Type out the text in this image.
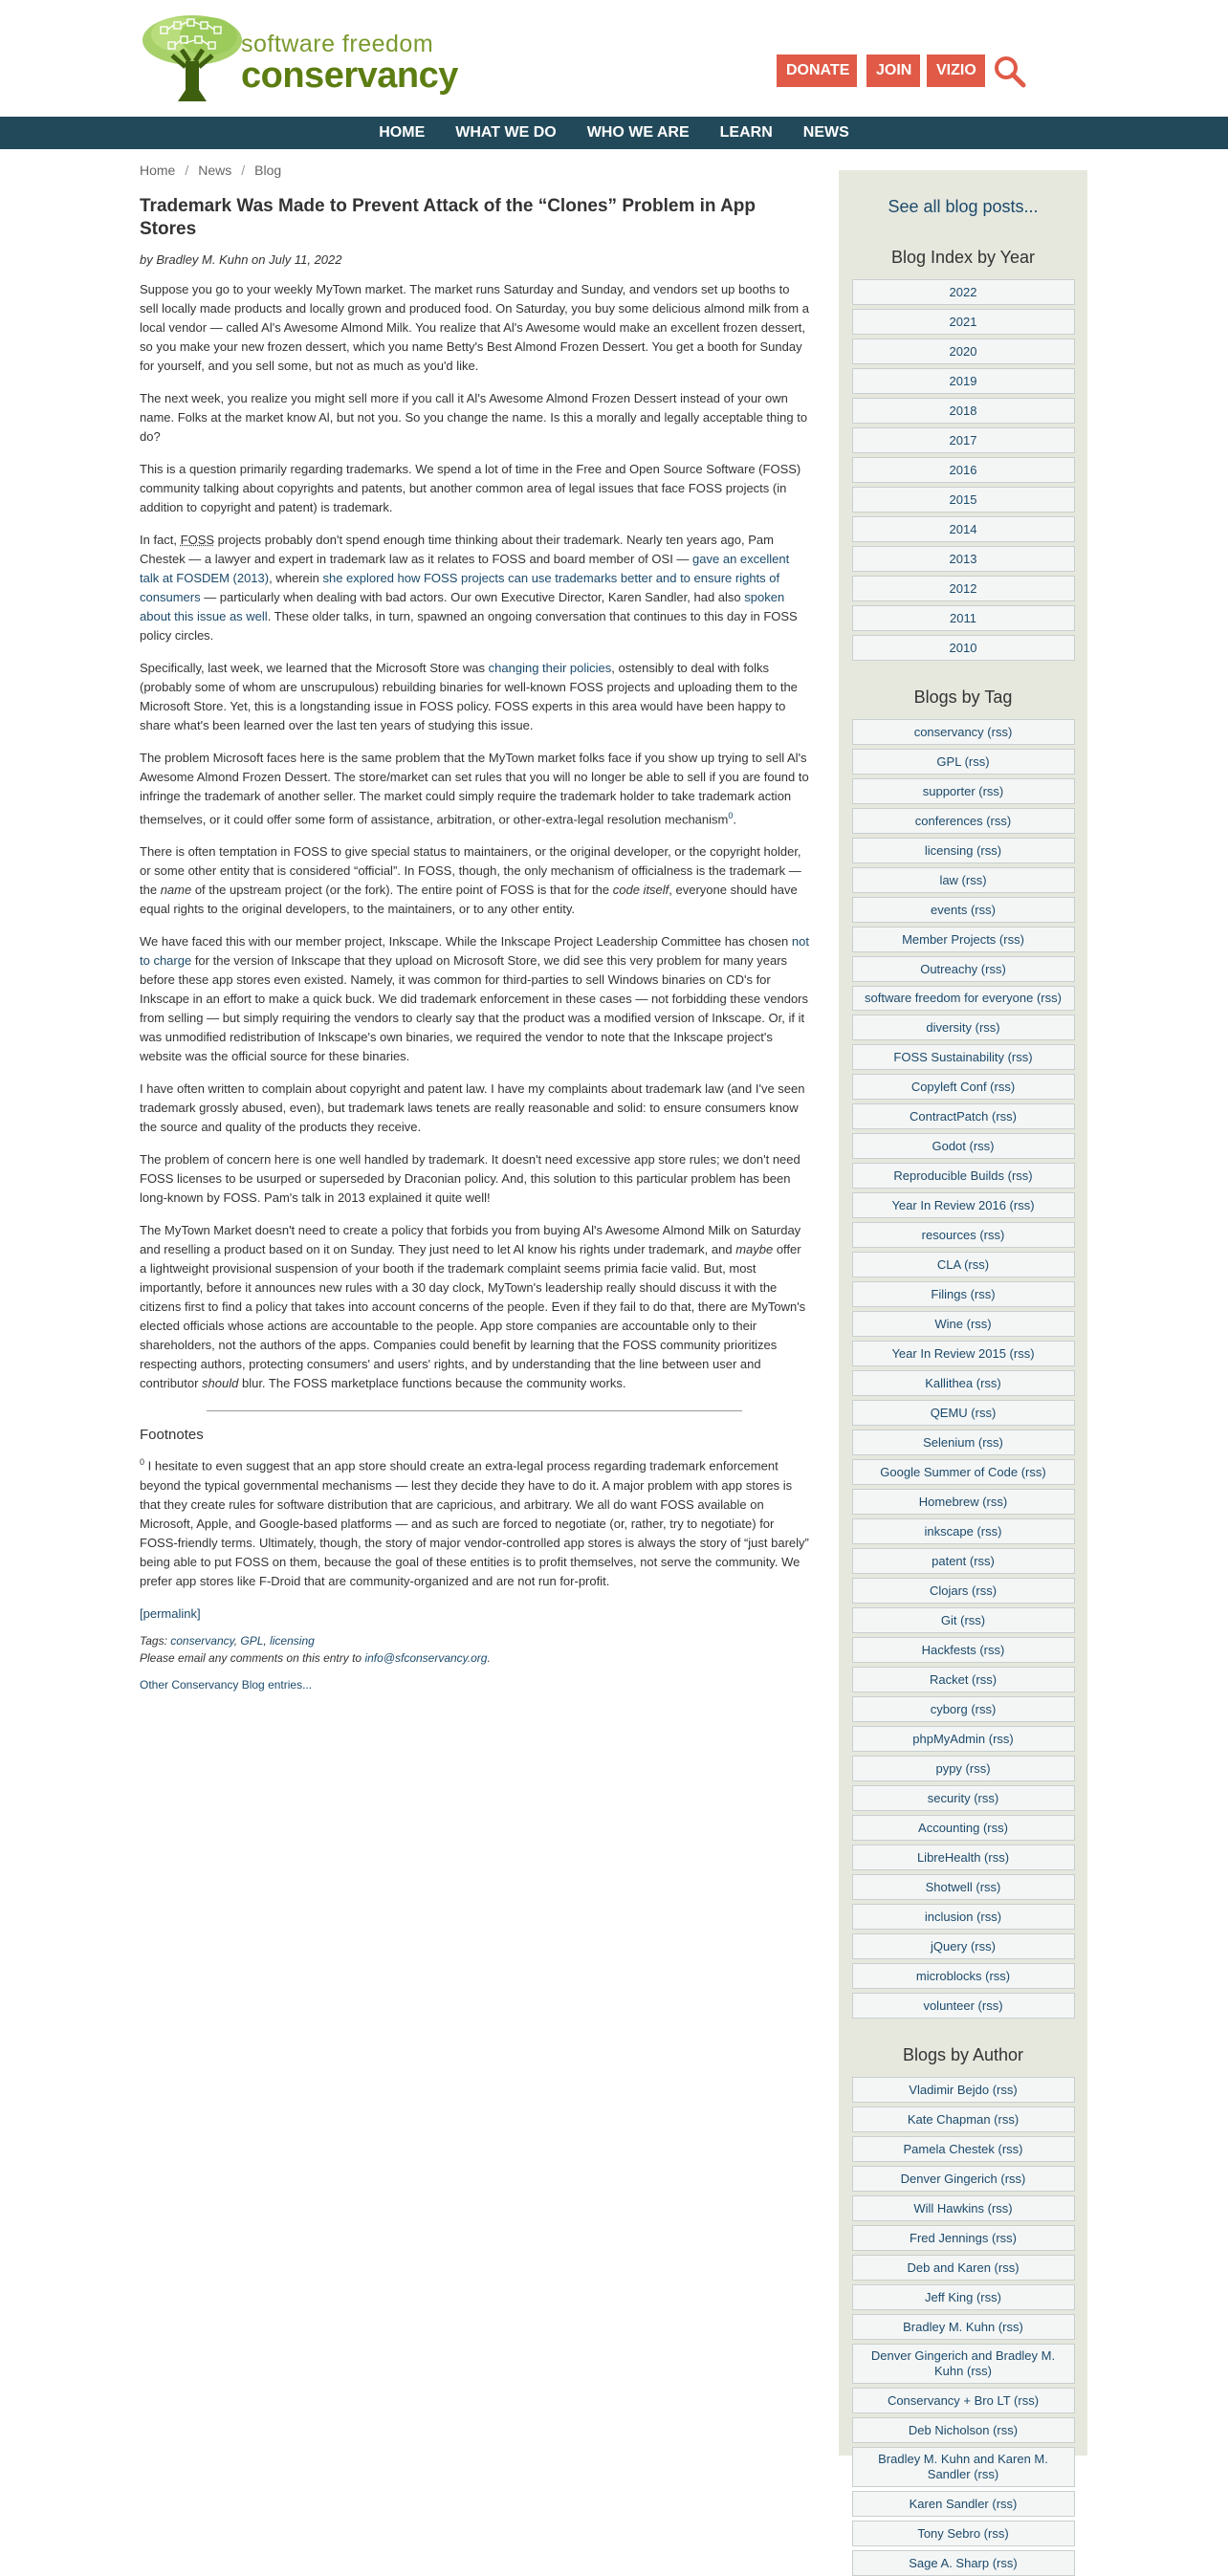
software freedom
conservancy	DONATE	JOIN	VIZIO
HOME WHAT WE DO WHO WE ARE LEARN NEWS
Home / News / Blog
Trademark Was Made to Prevent Attack of the “Clones” Problem in App Stores
by Bradley M. Kuhn on July 11, 2022

Suppose you go to your weekly MyTown market. The market runs Saturday and Sunday, and vendors set up booths to sell locally made products and locally grown and produced food. On Saturday, you buy some delicious almond milk from a local vendor — called Al's Awesome Almond Milk. You realize that Al's Awesome would make an excellent frozen dessert, so you make your new frozen dessert, which you name Betty's Best Almond Frozen Dessert. You get a booth for Sunday for yourself, and you sell some, but not as much as you'd like.

The next week, you realize you might sell more if you call it Al's Awesome Almond Frozen Dessert instead of your own name. Folks at the market know Al, but not you. So you change the name. Is this a morally and legally acceptable thing to do?

This is a question primarily regarding trademarks. We spend a lot of time in the Free and Open Source Software (FOSS) community talking about copyrights and patents, but another common area of legal issues that face FOSS projects (in addition to copyright and patent) is trademark.

In fact, FOSS projects probably don't spend enough time thinking about their trademark. Nearly ten years ago, Pam Chestek — a lawyer and expert in trademark law as it relates to FOSS and board member of OSI — gave an excellent talk at FOSDEM (2013), wherein she explored how FOSS projects can use trademarks better and to ensure rights of consumers — particularly when dealing with bad actors. Our own Executive Director, Karen Sandler, had also spoken about this issue as well. These older talks, in turn, spawned an ongoing conversation that continues to this day in FOSS policy circles.

Specifically, last week, we learned that the Microsoft Store was changing their policies, ostensibly to deal with folks (probably some of whom are unscrupulous) rebuilding binaries for well-known FOSS projects and uploading them to the Microsoft Store. Yet, this is a longstanding issue in FOSS policy. FOSS experts in this area would have been happy to share what's been learned over the last ten years of studying this issue.

The problem Microsoft faces here is the same problem that the MyTown market folks face if you show up trying to sell Al's Awesome Almond Frozen Dessert. The store/market can set rules that you will no longer be able to sell if you are found to infringe the trademark of another seller. The market could simply require the trademark holder to take trademark action themselves, or it could offer some form of assistance, arbitration, or other-extra-legal resolution mechanism$^0$.

There is often temptation in FOSS to give special status to maintainers, or the original developer, or the copyright holder, or some other entity that is considered “official”. In FOSS, though, the only mechanism of officialness is the trademark — the name of the upstream project (or the fork). The entire point of FOSS is that for the code itself, everyone should have equal rights to the original developers, to the maintainers, or to any other entity.

We have faced this with our member project, Inkscape. While the Inkscape Project Leadership Committee has chosen not to charge for the version of Inkscape that they upload on Microsoft Store, we did see this very problem for many years before these app stores even existed. Namely, it was common for third-parties to sell Windows binaries on CD's for Inkscape in an effort to make a quick buck. We did trademark enforcement in these cases — not forbidding these vendors from selling — but simply requiring the vendors to clearly say that the product was a modified version of Inkscape. Or, if it was unmodified redistribution of Inkscape's own binaries, we required the vendor to note that the Inkscape project's website was the official source for these binaries.

I have often written to complain about copyright and patent law. I have my complaints about trademark law (and I've seen trademark grossly abused, even), but trademark laws tenets are really reasonable and solid: to ensure consumers know the source and quality of the products they receive.

The problem of concern here is one well handled by trademark. It doesn't need excessive app store rules; we don't need FOSS licenses to be usurped or superseded by Draconian policy. And, this solution to this particular problem has been long-known by FOSS. Pam's talk in 2013 explained it quite well!

The MyTown Market doesn't need to create a policy that forbids you from buying Al's Awesome Almond Milk on Saturday and reselling a product based on it on Sunday. They just need to let Al know his rights under trademark, and maybe offer a lightweight provisional suspension of your booth if the trademark complaint seems primia facie valid. But, most importantly, before it announces new rules with a 30 day clock, MyTown's leadership really should discuss it with the citizens first to find a policy that takes into account concerns of the people. Even if they fail to do that, there are MyTown's elected officials whose actions are accountable to the people. App store companies are accountable only to their shareholders, not the authors of the apps. Companies could benefit by learning that the FOSS community prioritizes respecting authors, protecting consumers' and users' rights, and by understanding that the line between user and contributor should blur. The FOSS marketplace functions because the community works.

Footnotes

$^0$ I hesitate to even suggest that an app store should create an extra-legal process regarding trademark enforcement beyond the typical governmental mechanisms — lest they decide they have to do it. A major problem with app stores is that they create rules for software distribution that are capricious, and arbitrary. We all do want FOSS available on Microsoft, Apple, and Google-based platforms — and as such are forced to negotiate (or, rather, try to negotiate) for FOSS-friendly terms. Ultimately, though, the story of major vendor-controlled app stores is always the story of “just barely” being able to put FOSS on them, because the goal of these entities is to profit themselves, not serve the community. We prefer app stores like F-Droid that are community-organized and are not run for-profit.

[permalink]
Tags: conservancy, GPL, licensing
Please email any comments on this entry to info@sfconservancy.org.
Other Conservancy Blog entries...
See all blog posts...
Blog Index by Year
2022
2021
2020
2019
2018
2017
2016
2015
2014
2013
2012
2011
2010
Blogs by Tag
conservancy (rss)
GPL (rss)
supporter (rss)
conferences (rss)
licensing (rss)
law (rss)
events (rss)
Member Projects (rss)
Outreachy (rss)
software freedom for everyone (rss)
diversity (rss)
FOSS Sustainability (rss)
Copyleft Conf (rss)
ContractPatch (rss)
Godot (rss)
Reproducible Builds (rss)
Year In Review 2016 (rss)
resources (rss)
CLA (rss)
Filings (rss)
Wine (rss)
Year In Review 2015 (rss)
Kallithea (rss)
QEMU (rss)
Selenium (rss)
Google Summer of Code (rss)
Homebrew (rss)
inkscape (rss)
patent (rss)
Clojars (rss)
Git (rss)
Hackfests (rss)
Racket (rss)
cyborg (rss)
phpMyAdmin (rss)
pypy (rss)
security (rss)
Accounting (rss)
LibreHealth (rss)
Shotwell (rss)
inclusion (rss)
jQuery (rss)
microblocks (rss)
volunteer (rss)
Blogs by Author
Vladimir Bejdo (rss)
Kate Chapman (rss)
Pamela Chestek (rss)
Denver Gingerich (rss)
Will Hawkins (rss)
Fred Jennings (rss)
Deb and Karen (rss)
Jeff King (rss)
Bradley M. Kuhn (rss)
Denver Gingerich and Bradley M. Kuhn (rss)
Conservancy + Bro LT (rss)
Deb Nicholson (rss)
Bradley M. Kuhn and Karen M. Sandler (rss)
Karen Sandler (rss)
Tony Sebro (rss)
Sage A. Sharp (rss)
